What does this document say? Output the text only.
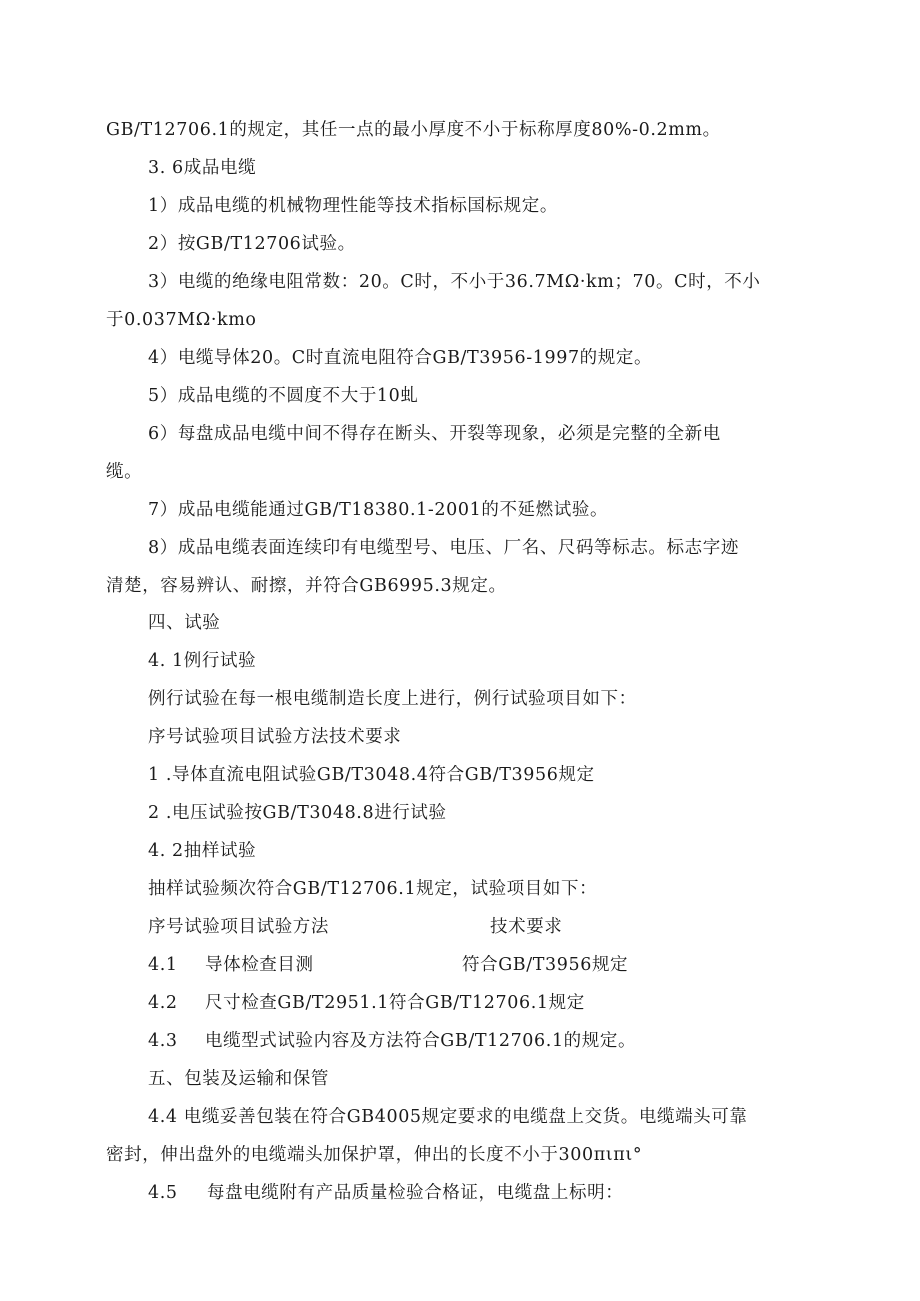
GB/T12706.1的规定，其任一点的最小厚度不小于标称厚度80%-0.2mm。
3. 6成品电缆
1）成品电缆的机械物理性能等技术指标国标规定。
2）按GB/T12706试验。
3）电缆的绝缘电阻常数：20。C时，不小于36.7MΩ·km；70。C时，不小
于0.037MΩ·kmo
4）电缆导体20。C时直流电阻符合GB/T3956-1997的规定。
5）成品电缆的不圆度不大于10虬
6）每盘成品电缆中间不得存在断头、开裂等现象，必须是完整的全新电
缆。
7）成品电缆能通过GB/T18380.1-2001的不延燃试验。
8）成品电缆表面连续印有电缆型号、电压、厂名、尺码等标志。标志字迹
清楚，容易辨认、耐擦，并符合GB6995.3规定。
四、试验
4. 1例行试验
例行试验在每一根电缆制造长度上进行，例行试验项目如下：
序号试验项目试验方法技术要求
1 .导体直流电阻试验GB/T3048.4符合GB/T3956规定
2 .电压试验按GB/T3048.8进行试验
4. 2抽样试验
抽样试验频次符合GB/T12706.1规定，试验项目如下：
序号试验项目试验方法	技术要求
4.1 导体检查目测	符合GB/T3956规定
4.2 尺寸检查GB/T2951.1符合GB/T12706.1规定
4.3 电缆型式试验内容及方法符合GB/T12706.1的规定。
五、包装及运输和保管
4.4 电缆妥善包装在符合GB4005规定要求的电缆盘上交货。电缆端头可靠
密封，伸出盘外的电缆端头加保护罩，伸出的长度不小于300πιπι°
4.5 每盘电缆附有产品质量检验合格证，电缆盘上标明：
